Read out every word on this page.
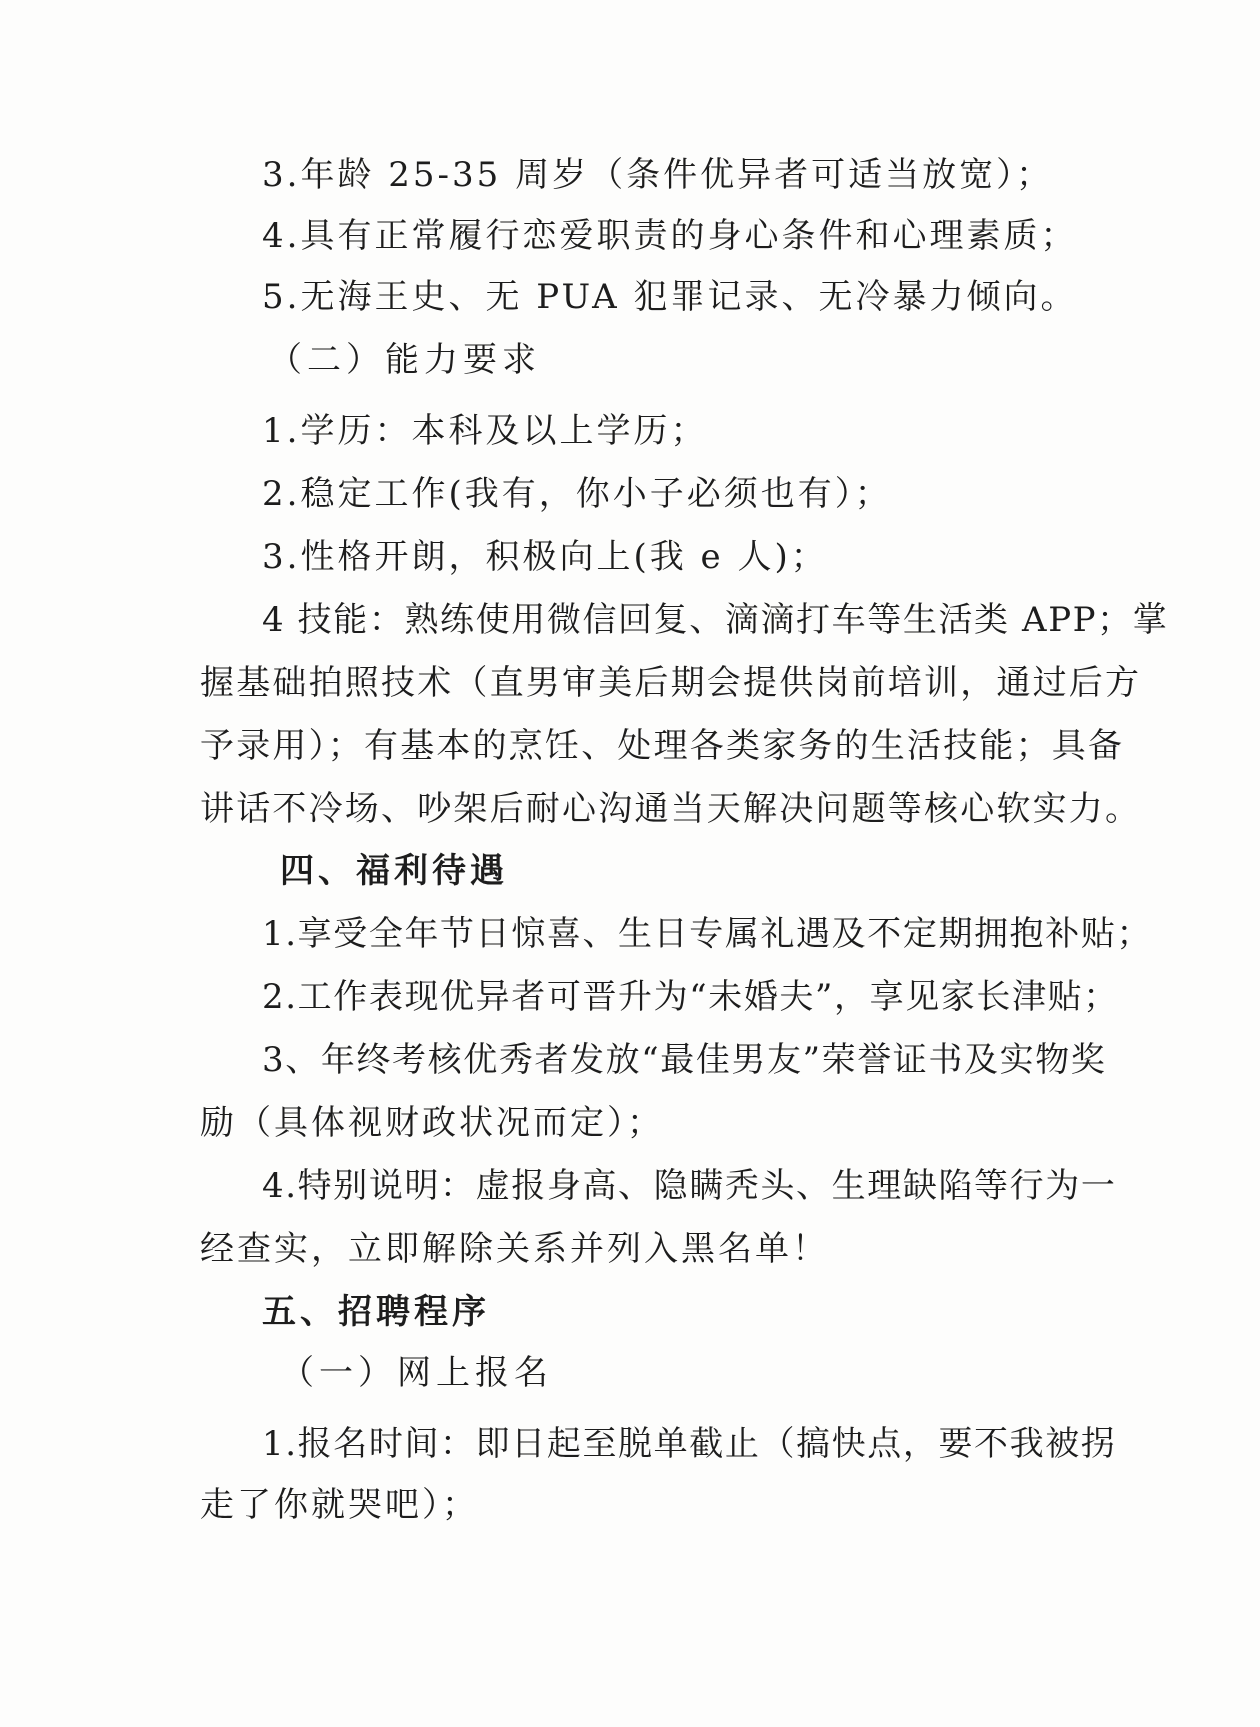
3.年龄 25-35 周岁（条件优异者可适当放宽）；
4.具有正常履行恋爱职责的身心条件和心理素质；
5.无海王史、无 PUA 犯罪记录、无冷暴力倾向。
（二）能力要求
1.学历：本科及以上学历；
2.稳定工作(我有，你小子必须也有）；
3.性格开朗，积极向上(我 e 人)；
4 技能：熟练使用微信回复、滴滴打车等生活类 APP；掌
握基础拍照技术（直男审美后期会提供岗前培训，通过后方
予录用）；有基本的烹饪、处理各类家务的生活技能；具备
讲话不冷场、吵架后耐心沟通当天解决问题等核心软实力。
四、福利待遇
1.享受全年节日惊喜、生日专属礼遇及不定期拥抱补贴；
2.工作表现优异者可晋升为“未婚夫”，享见家长津贴；
3、年终考核优秀者发放“最佳男友”荣誉证书及实物奖
励（具体视财政状况而定）；
4.特别说明：虚报身高、隐瞒秃头、生理缺陷等行为一
经查实，立即解除关系并列入黑名单！
五、招聘程序
（一）网上报名
1.报名时间：即日起至脱单截止（搞快点，要不我被拐
走了你就哭吧）；
